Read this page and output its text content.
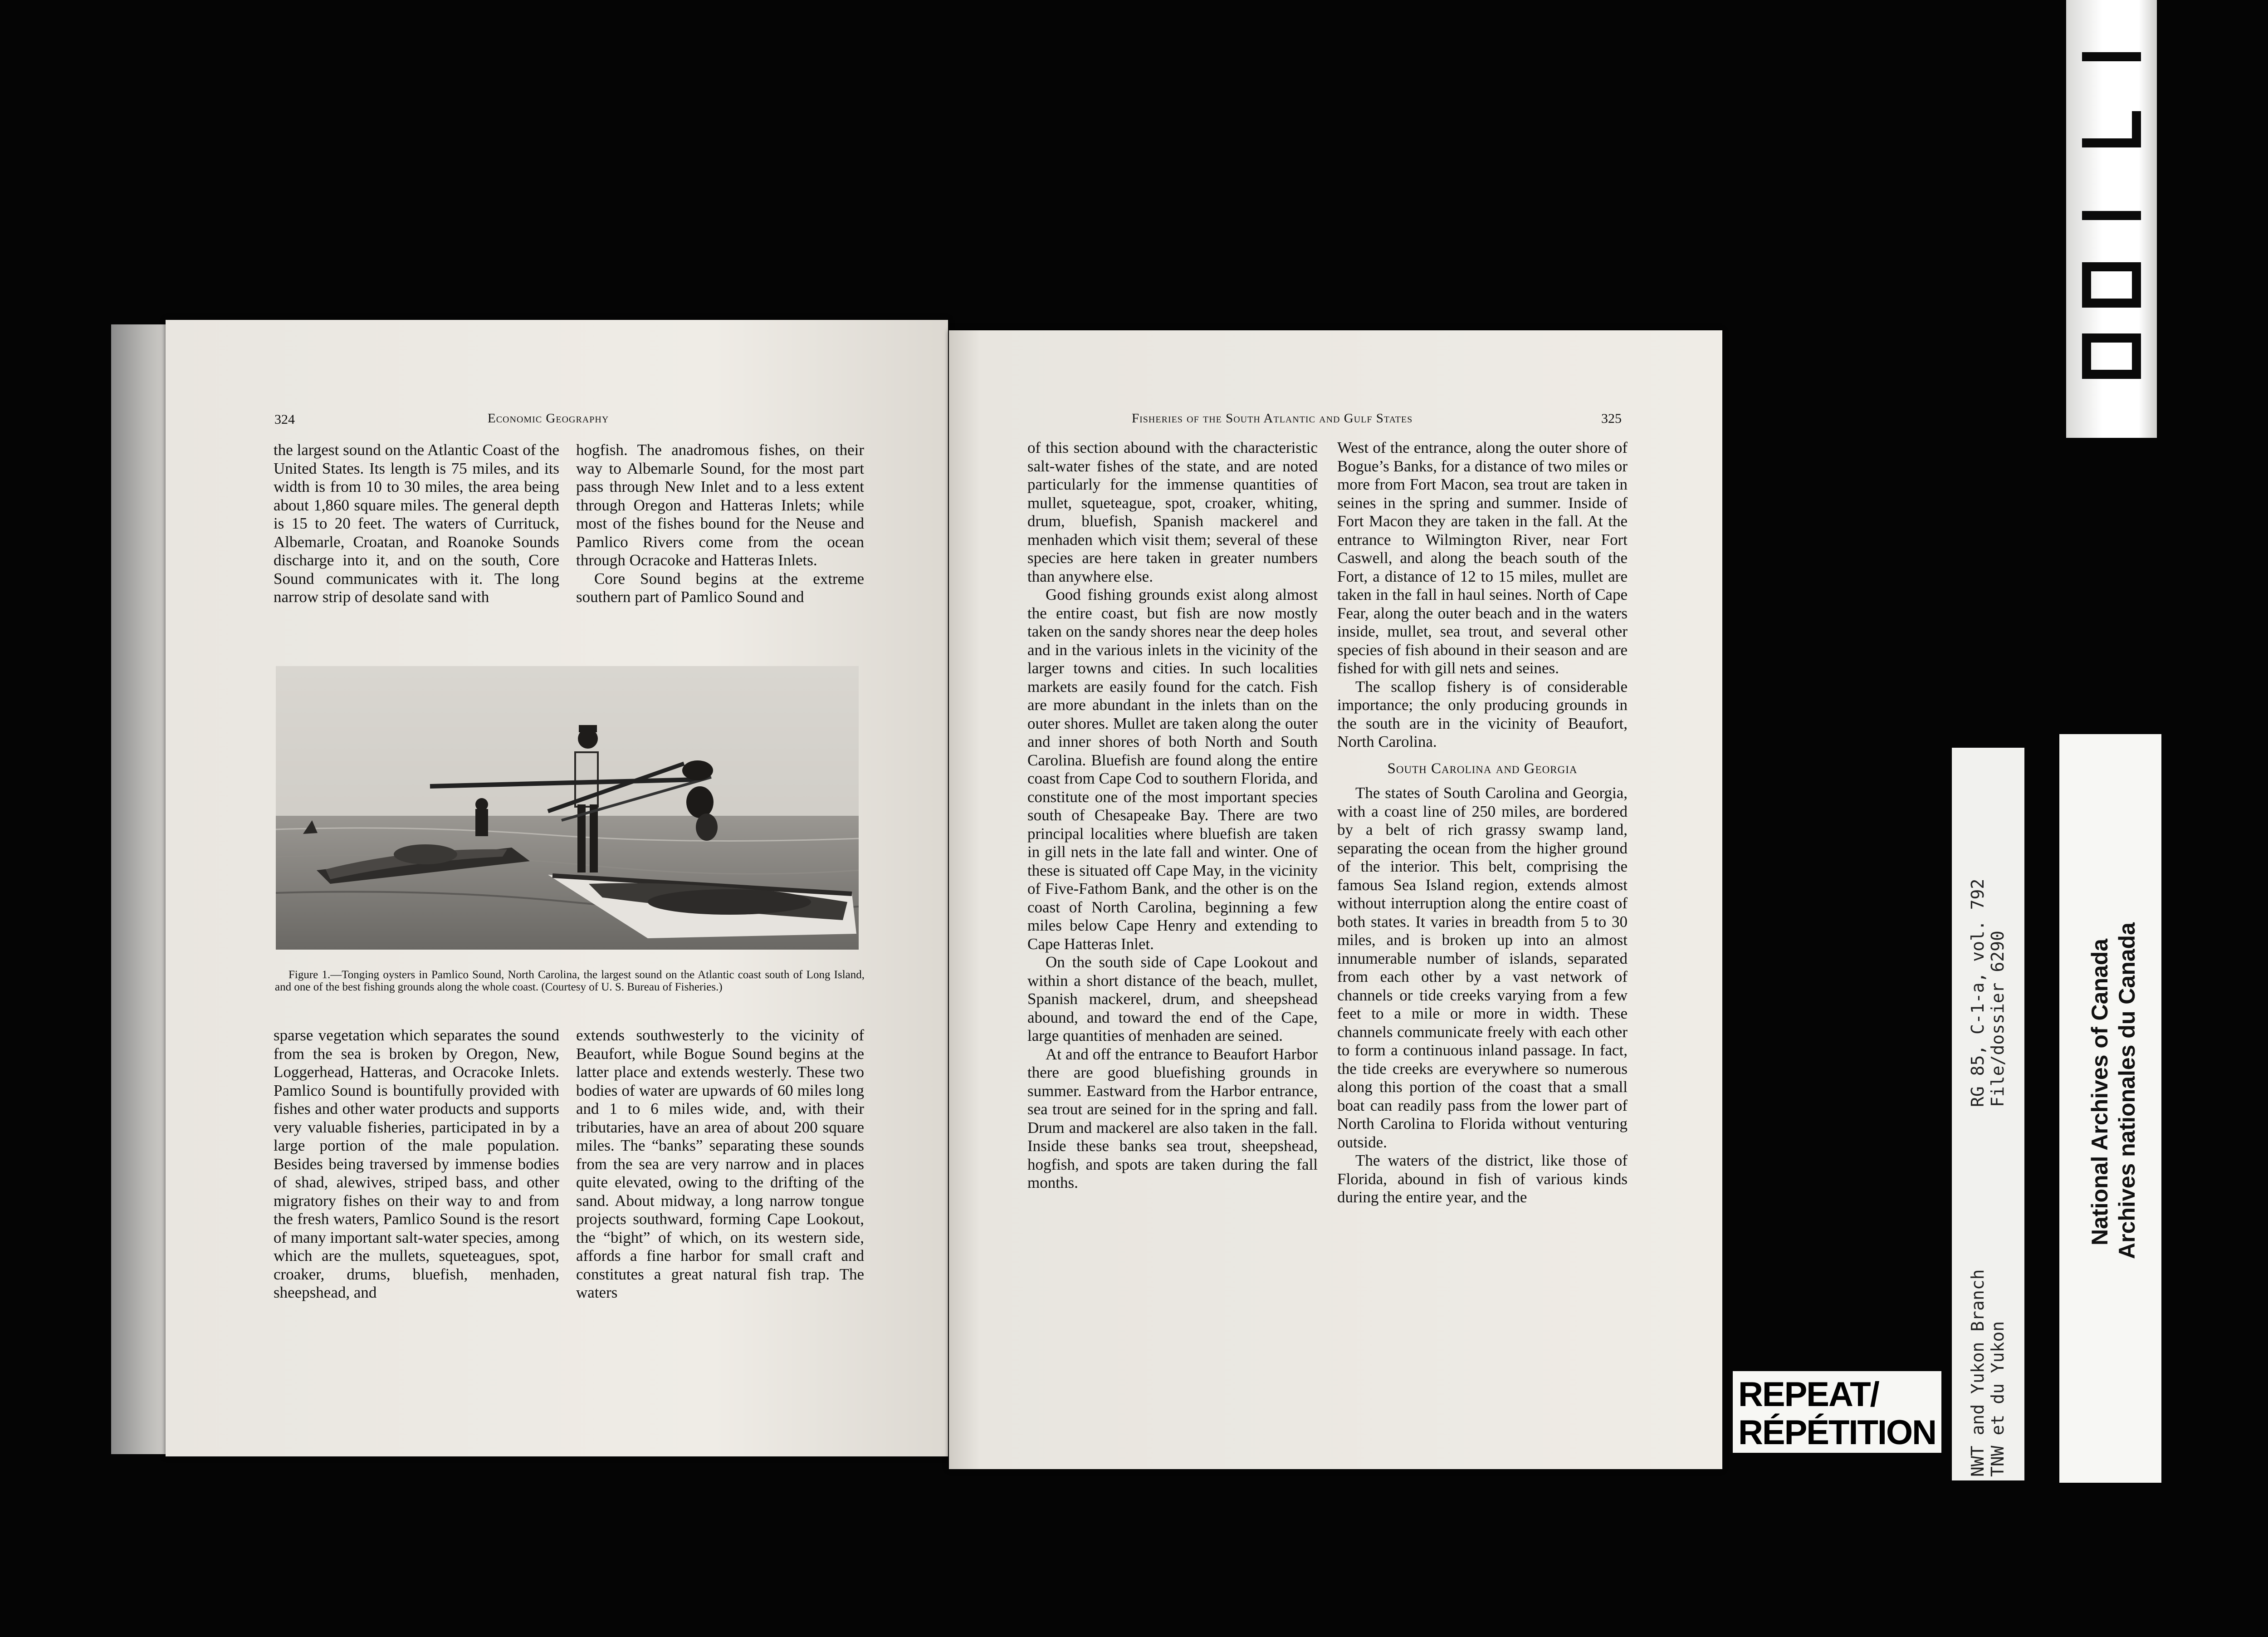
324	Economic Geography

the largest sound on the Atlantic Coast of the United States. Its length is 75 miles, and its width is from 10 to 30 miles, the area being about 1,860 square miles. The general depth is 15 to 20 feet. The waters of Currituck, Albemarle, Croatan, and Roanoke Sounds discharge into it, and on the south, Core Sound communicates with it. The long narrow strip of desolate sand with

hogfish. The anadromous fishes, on their way to Albemarle Sound, for the most part pass through New Inlet and to a less extent through Oregon and Hatteras Inlets; while most of the fishes bound for the Neuse and Pamlico Rivers come from the ocean through Ocracoke and Hatteras Inlets.

Core Sound begins at the extreme southern part of Pamlico Sound and

Figure 1.—Tonging oysters in Pamlico Sound, North Carolina, the largest sound on the Atlantic coast south of Long Island, and one of the best fishing grounds along the whole coast. (Courtesy of U. S. Bureau of Fisheries.)

sparse vegetation which separates the sound from the sea is broken by Oregon, New, Loggerhead, Hatteras, and Ocracoke Inlets. Pamlico Sound is bountifully provided with fishes and other water products and supports very valuable fisheries, participated in by a large portion of the male population. Besides being traversed by immense bodies of shad, alewives, striped bass, and other migratory fishes on their way to and from the fresh waters, Pamlico Sound is the resort of many important salt-water species, among which are the mullets, squeteagues, spot, croaker, drums, bluefish, menhaden, sheepshead, and

extends southwesterly to the vicinity of Beaufort, while Bogue Sound begins at the latter place and extends westerly. These two bodies of water are upwards of 60 miles long and 1 to 6 miles wide, and, with their tributaries, have an area of about 200 square miles. The “banks” separating these sounds from the sea are very narrow and in places quite elevated, owing to the drifting of the sand. About midway, a long narrow tongue projects southward, forming Cape Lookout, the “bight” of which, on its western side, affords a fine harbor for small craft and constitutes a great natural fish trap. The waters

Fisheries of the South Atlantic and Gulf States	325

of this section abound with the characteristic salt-water fishes of the state, and are noted particularly for the immense quantities of mullet, squeteague, spot, croaker, whiting, drum, bluefish, Spanish mackerel and menhaden which visit them; several of these species are here taken in greater numbers than anywhere else.

Good fishing grounds exist along almost the entire coast, but fish are now mostly taken on the sandy shores near the deep holes and in the various inlets in the vicinity of the larger towns and cities. In such localities markets are easily found for the catch. Fish are more abundant in the inlets than on the outer shores. Mullet are taken along the outer and inner shores of both North and South Carolina. Bluefish are found along the entire coast from Cape Cod to southern Florida, and constitute one of the most important species south of Chesapeake Bay. There are two principal localities where bluefish are taken in gill nets in the late fall and winter. One of these is situated off Cape May, in the vicinity of Five-Fathom Bank, and the other is on the coast of North Carolina, beginning a few miles below Cape Henry and extending to Cape Hatteras Inlet.

On the south side of Cape Lookout and within a short distance of the beach, mullet, Spanish mackerel, drum, and sheepshead abound, and toward the end of the Cape, large quantities of menhaden are seined.

At and off the entrance to Beaufort Harbor there are good bluefishing grounds in summer. Eastward from the Harbor entrance, sea trout are seined for in the spring and fall. Drum and mackerel are also taken in the fall. Inside these banks sea trout, sheepshead, hogfish, and spots are taken during the fall months.

West of the entrance, along the outer shore of Bogue’s Banks, for a distance of two miles or more from Fort Macon, sea trout are taken in seines in the spring and summer. Inside of Fort Macon they are taken in the fall. At the entrance to Wilmington River, near Fort Caswell, and along the beach south of the Fort, a distance of 12 to 15 miles, mullet are taken in the fall in haul seines. North of Cape Fear, along the outer beach and in the waters inside, mullet, sea trout, and several other species of fish abound in their season and are fished for with gill nets and seines.

The scallop fishery is of considerable importance; the only producing grounds in the south are in the vicinity of Beaufort, North Carolina.

South Carolina and Georgia

The states of South Carolina and Georgia, with a coast line of 250 miles, are bordered by a belt of rich grassy swamp land, separating the ocean from the higher ground of the interior. This belt, comprising the famous Sea Island region, extends almost without interruption along the entire coast of both states. It varies in breadth from 5 to 30 miles, and is broken up into an almost innumerable number of islands, separated from each other by a vast network of channels or tide creeks varying from a few feet to a mile or more in width. These channels communicate freely with each other to form a continuous inland passage. In fact, the tide creeks are everywhere so numerous along this portion of the coast that a small boat can readily pass from the lower part of North Carolina to Florida without venturing outside.

The waters of the district, like those of Florida, abound in fish of various kinds during the entire year, and the

00171
RG 85, C-1-a, vol. 792 File/dossier 6290
NWT and Yukon Branch TNW et du Yukon
National Archives of Canada Archives nationales du Canada
REPEAT/
RÉPÉTITION
